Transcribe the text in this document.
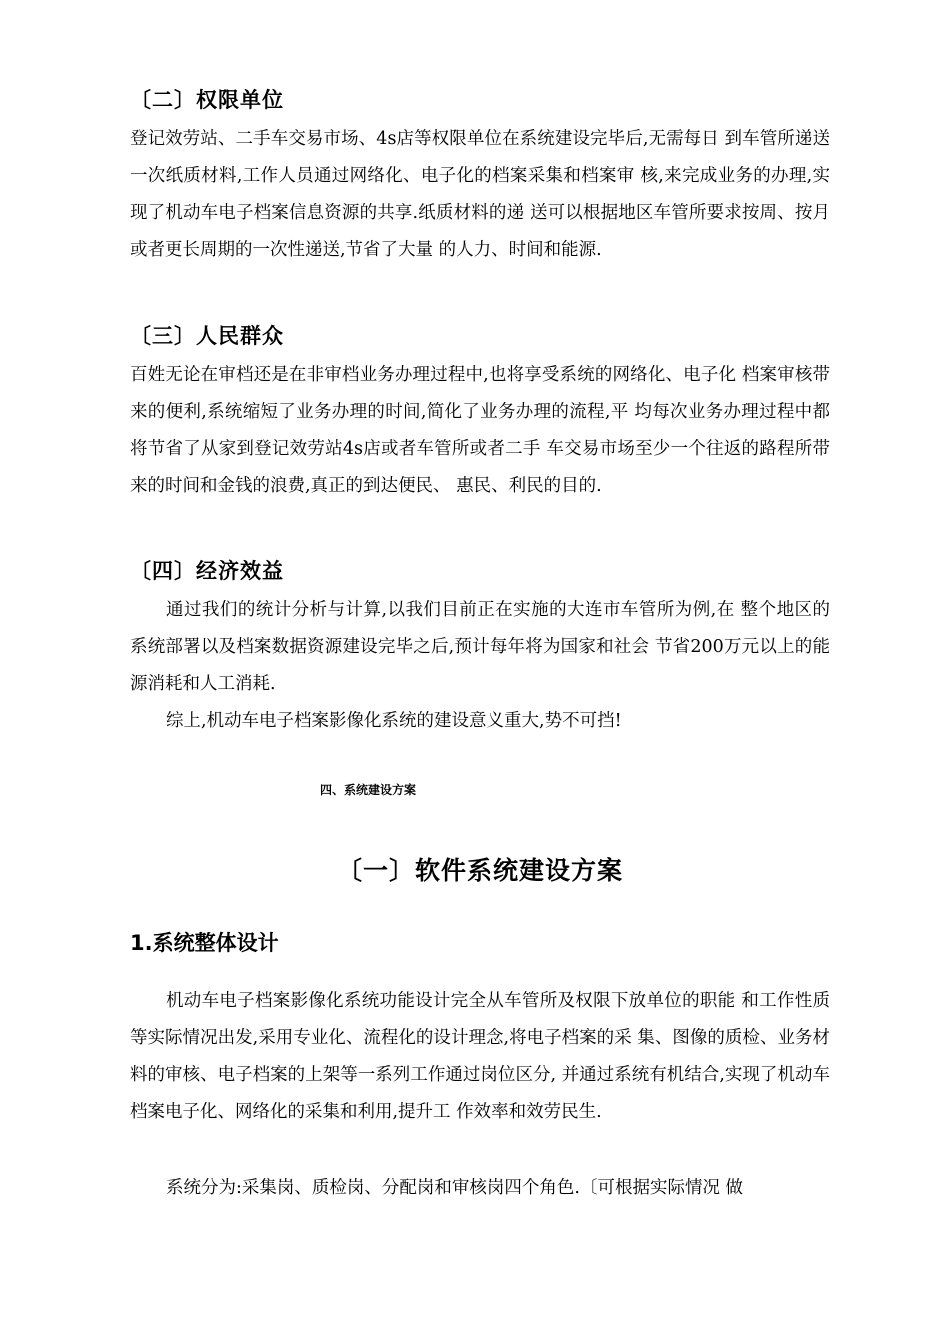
〔二〕权限单位
登记效劳站、二手车交易市场、4s店等权限单位在系统建设完毕后,无需每日 到车管所递送一次纸质材料,工作人员通过网络化、电子化的档案采集和档案审 核,来完成业务的办理,实现了机动车电子档案信息资源的共享.纸质材料的递 送可以根据地区车管所要求按周、按月或者更长周期的一次性递送,节省了大量 的人力、时间和能源.
〔三〕人民群众
百姓无论在审档还是在非审档业务办理过程中,也将享受系统的网络化、电子化 档案审核带来的便利,系统缩短了业务办理的时间,简化了业务办理的流程,平 均每次业务办理过程中都将节省了从家到登记效劳站4s店或者车管所或者二手 车交易市场至少一个往返的路程所带来的时间和金钱的浪费,真正的到达便民、 惠民、利民的目的.
〔四〕经济效益
通过我们的统计分析与计算,以我们目前正在实施的大连市车管所为例,在 整个地区的系统部署以及档案数据资源建设完毕之后,预计每年将为国家和社会 节省200万元以上的能源消耗和人工消耗.
综上,机动车电子档案影像化系统的建设意义重大,势不可挡!
四、系统建设方案
〔一〕软件系统建设方案
1.系统整体设计
机动车电子档案影像化系统功能设计完全从车管所及权限下放单位的职能 和工作性质等实际情况出发,采用专业化、流程化的设计理念,将电子档案的采 集、图像的质检、业务材料的审核、电子档案的上架等一系列工作通过岗位区分, 并通过系统有机结合,实现了机动车档案电子化、网络化的采集和利用,提升工 作效率和效劳民生.
系统分为:采集岗、质检岗、分配岗和审核岗四个角色.〔可根据实际情况 做
